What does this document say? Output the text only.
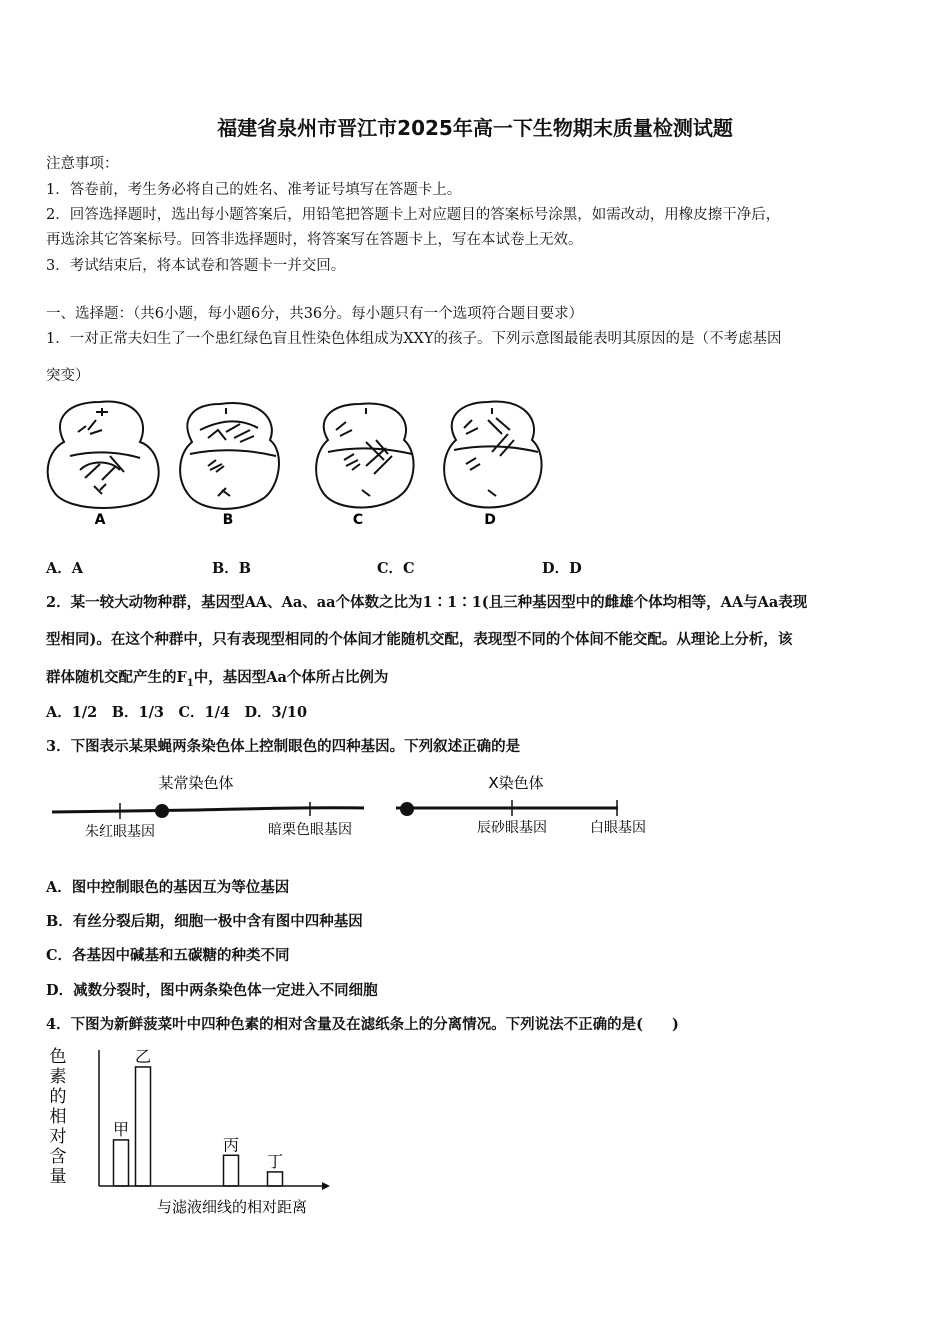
福建省泉州市晋江市2025年高一下生物期末质量检测试题
注意事项：
1．答卷前，考生务必将自己的姓名、准考证号填写在答题卡上。
2．回答选择题时，选出每小题答案后，用铅笔把答题卡上对应题目的答案标号涂黑，如需改动，用橡皮擦干净后，
再选涂其它答案标号。回答非选择题时，将答案写在答题卡上，写在本试卷上无效。
3．考试结束后，将本试卷和答题卡一并交回。
一、选择题：（共6小题，每小题6分，共36分。每小题只有一个选项符合题目要求）
1．一对正常夫妇生了一个患红绿色盲且性染色体组成为XXY的孩子。下列示意图最能表明其原因的是（不考虑基因
突变）
A	B	C	D
A．A	B．B	C．C	D．D
2．某一较大动物种群，基因型AA、Aa、aa个体数之比为1∶1∶1(且三种基因型中的雌雄个体均相等，AA与Aa表现
型相同)。在这个种群中，只有表现型相同的个体间才能随机交配，表现型不同的个体间不能交配。从理论上分析，该
群体随机交配产生的$F_1$中，基因型Aa个体所占比例为
A．1/2　B．1/3　C．1/4　D．3/10
3．下图表示某果蝇两条染色体上控制眼色的四种基因。下列叙述正确的是
某常染色体
朱红眼基因	暗栗色眼基因
X染色体
辰砂眼基因	白眼基因
A．图中控制眼色的基因互为等位基因
B．有丝分裂后期，细胞一极中含有图中四种基因
C．各基因中碱基和五碳糖的种类不同
D．减数分裂时，图中两条染色体一定进入不同细胞
4．下图为新鲜菠菜叶中四种色素的相对含量及在滤纸条上的分离情况。下列说法不正确的是(　　)
色
素
的
相
对
含
量
甲
乙
丙
丁
与滤液细线的相对距离
